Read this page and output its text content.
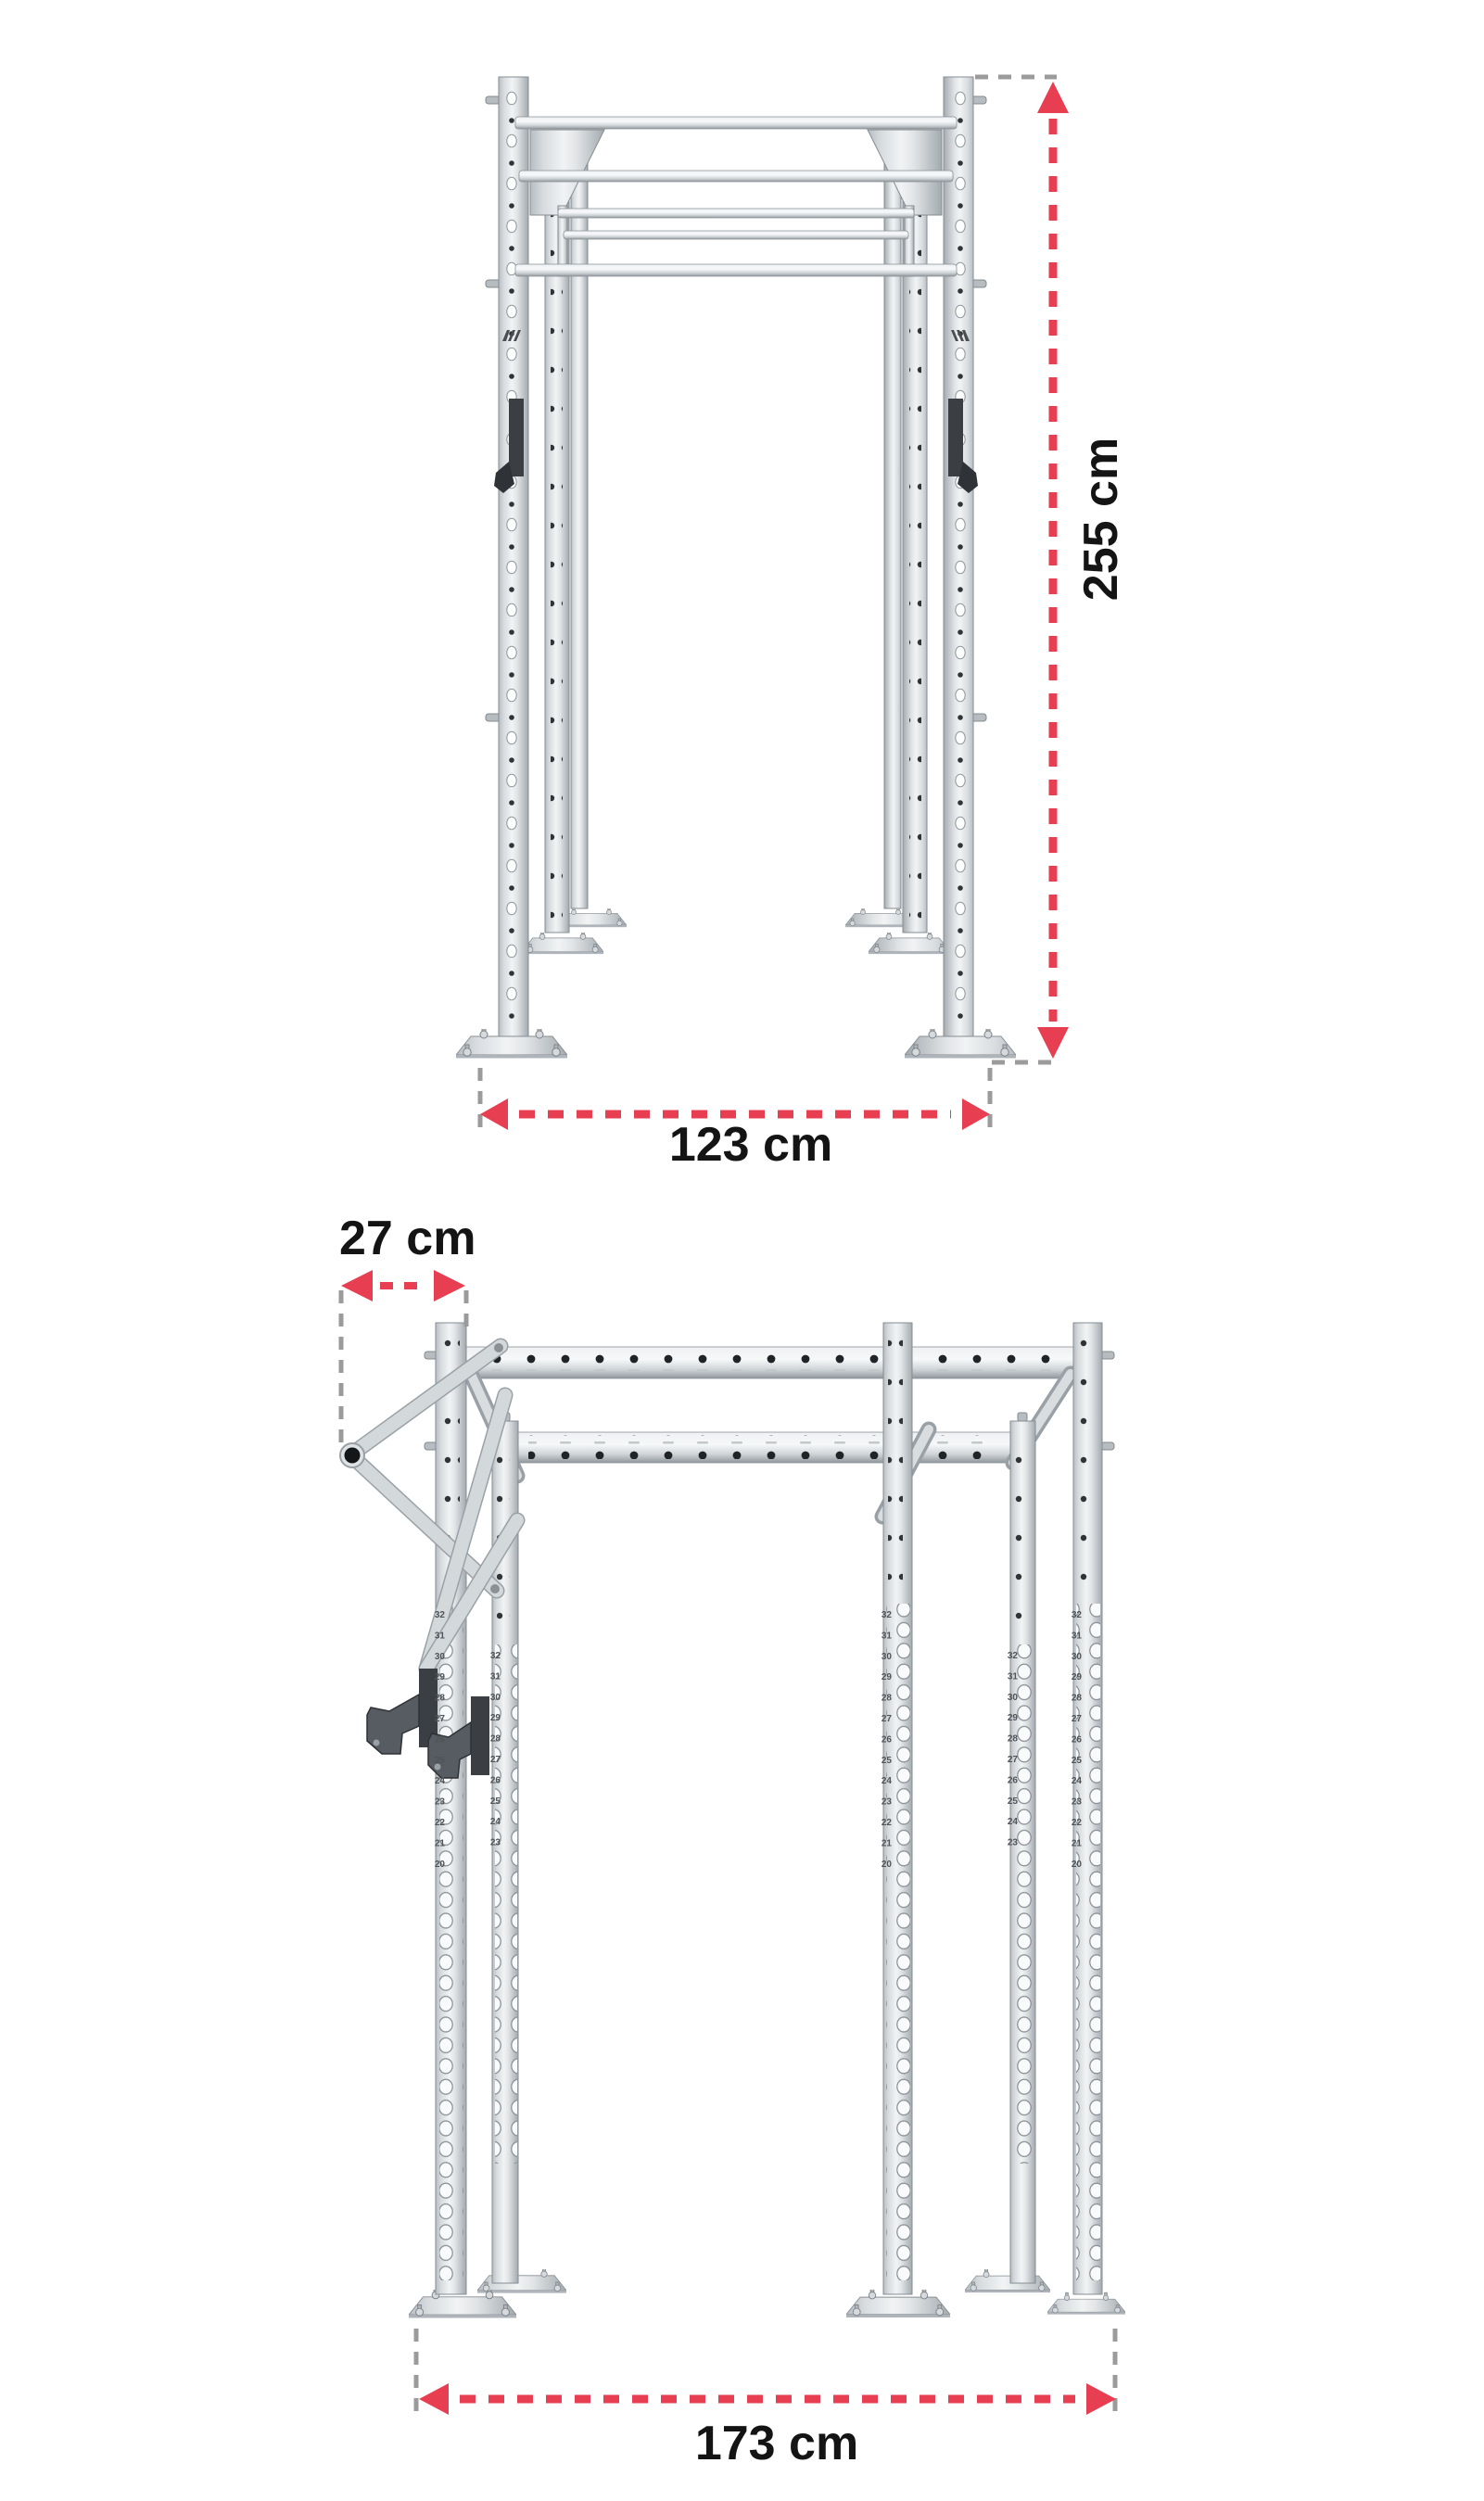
255 cm
123 cm
32
31
30
29
28
27
26
25
24
23
22
21
20
32
31
30
29
28
27
26
25
24
23
32
31
30
29
28
27
26
25
24
23
22
21
20
32
31
30
29
28
27
26
25
24
23
32
31
30
29
28
27
26
25
24
23
22
21
20
27 cm
173 cm
